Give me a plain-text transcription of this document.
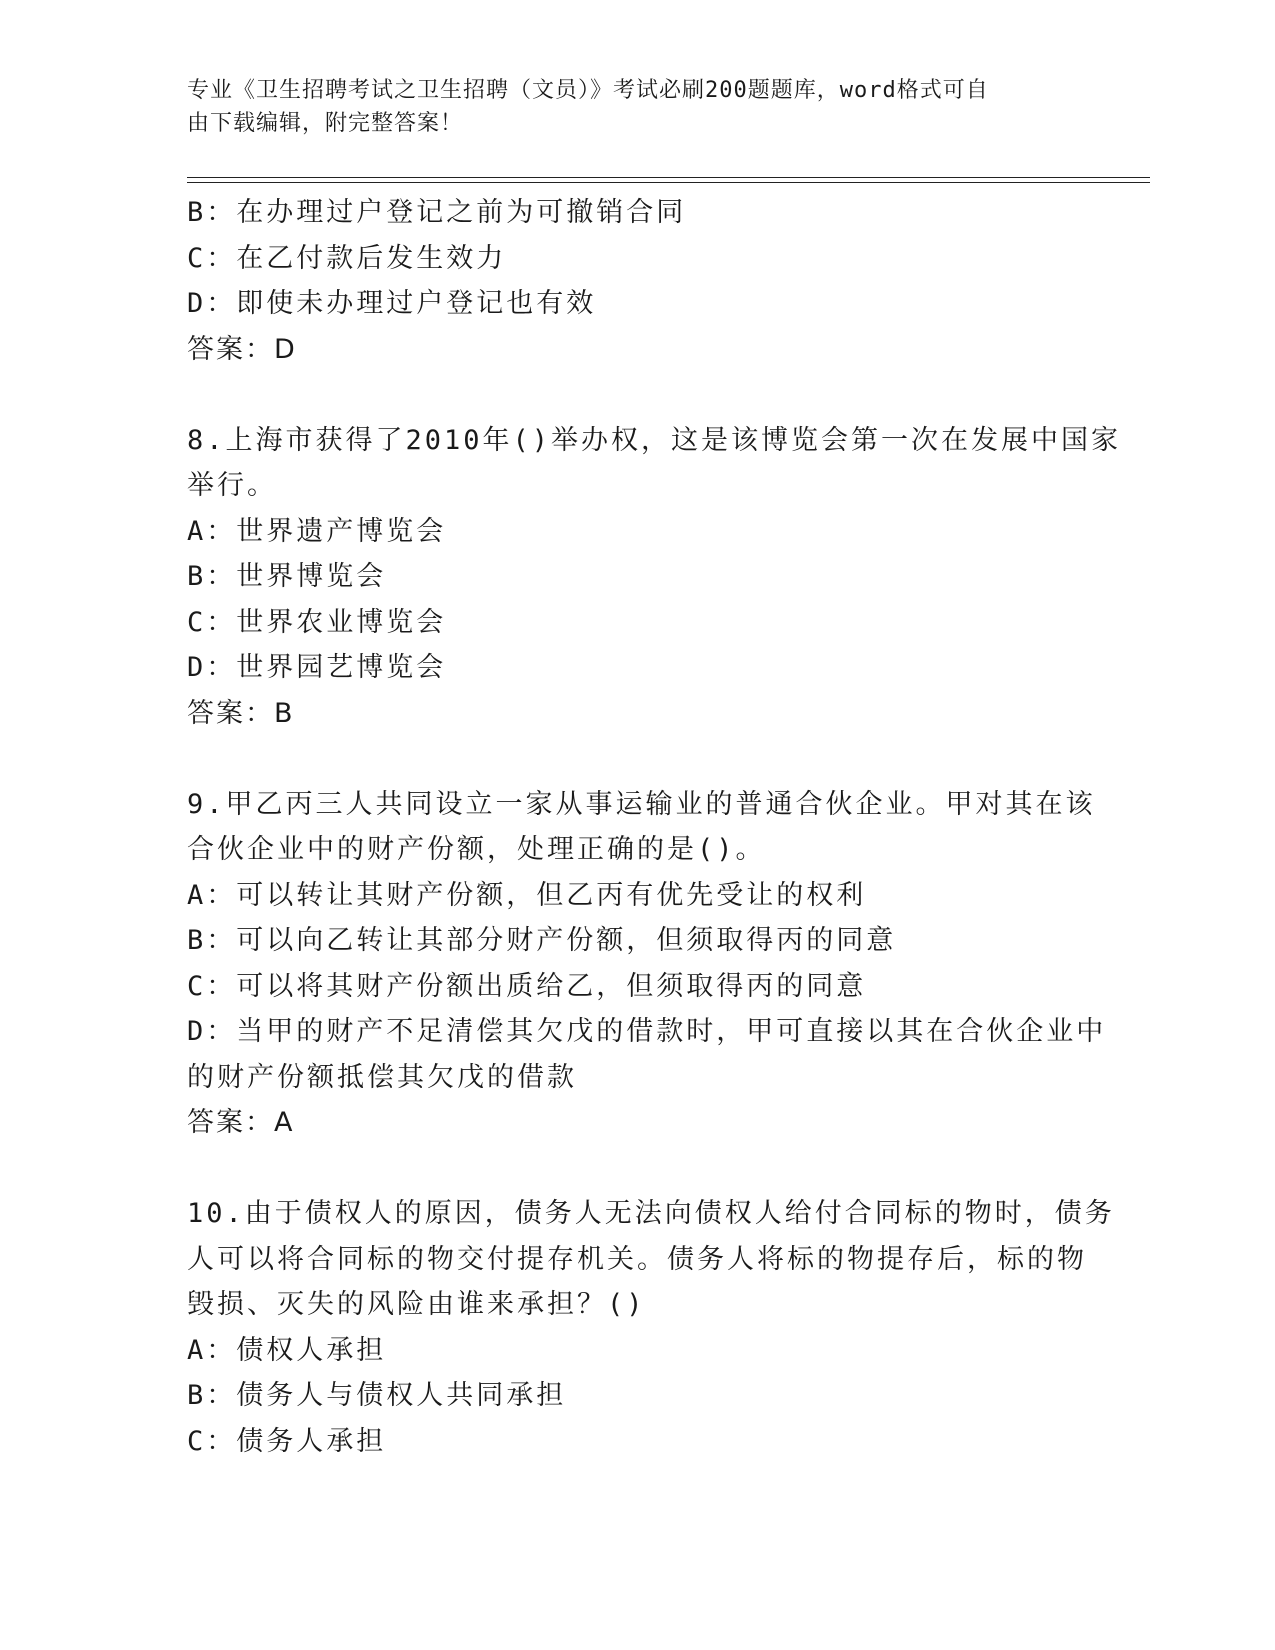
专业《卫生招聘考试之卫生招聘（文员）》考试必刷200题题库，word格式可自
由下载编辑，附完整答案！
B：在办理过户登记之前为可撤销合同
C：在乙付款后发生效力
D：即使未办理过户登记也有效
答案：D
8.上海市获得了2010年()举办权，这是该博览会第一次在发展中国家
举行。
A：世界遗产博览会
B：世界博览会
C：世界农业博览会
D：世界园艺博览会
答案：B
9.甲乙丙三人共同设立一家从事运输业的普通合伙企业。甲对其在该
合伙企业中的财产份额，处理正确的是()。
A：可以转让其财产份额，但乙丙有优先受让的权利
B：可以向乙转让其部分财产份额，但须取得丙的同意
C：可以将其财产份额出质给乙，但须取得丙的同意
D：当甲的财产不足清偿其欠戊的借款时，甲可直接以其在合伙企业中
的财产份额抵偿其欠戊的借款
答案：A
10.由于债权人的原因，债务人无法向债权人给付合同标的物时，债务
人可以将合同标的物交付提存机关。债务人将标的物提存后，标的物
毁损、灭失的风险由谁来承担？()
A：债权人承担
B：债务人与债权人共同承担
C：债务人承担
